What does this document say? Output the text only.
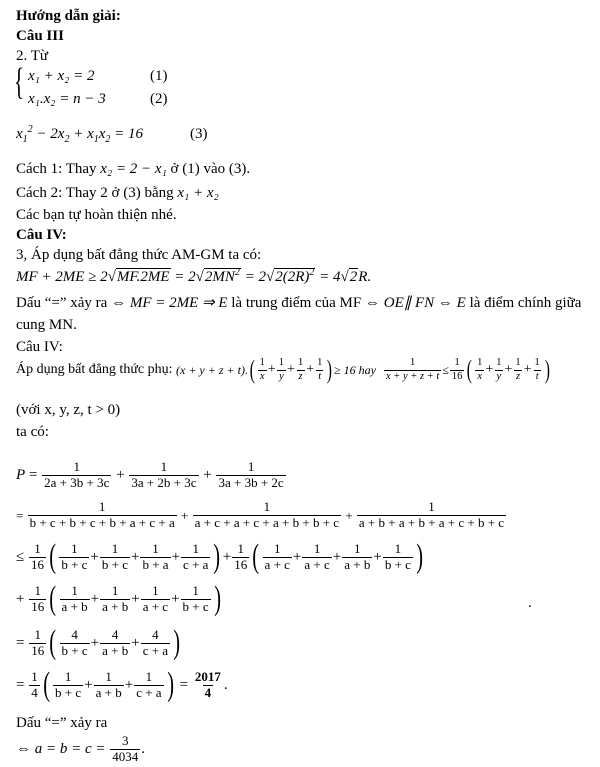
Hướng dẫn giải:
Câu III
2. Từ
{ x₁ + x₂ = 2	(1)
x₁.x₂ = n − 3	(2)
$x_1^2 - 2x_2 + x_1x_2 = 16$	(3)
Cách 1: Thay x₂ = 2 − x₁ ở (1) vào (3).
Cách 2: Thay 2 ở (3) bằng x₁ + x₂
Các bạn tự hoàn thiện nhé.
Câu IV:
3, Áp dụng bất đẳng thức AM-GM ta có:
MF + $2ME \ge 2√MF.2ME = 2√2MN^2 = 2√2(2R)^2 = 4√2R$.
Dấu “=” xảy ra ⇔ MF = 2ME ⇒ E là trung điểm của MF ⇔ OE∥ FN ⇔ E là điểm chính giữa
cung MN.
Câu IV:
Áp dụng bất đẳng thức phụ:
(x + y + z + t). ( $\frac{1}{x} + \frac{1}{y} + \frac{1}{z} + \frac{1}{t}$ ) ≥ 16 hay
$\frac{1}{x + y + z + t} \le \frac{1}{16}$ ( $\frac{1}{x} + \frac{1}{y} + \frac{1}{z} + \frac{1}{t}$ )
(với x, y, z, t > 0)
ta có:
$P = \frac{1}{2a + 3b + 3c} + \frac{1}{3a + 2b + 3c} + \frac{1}{3a + 3b + 2c}$
= $\frac{1}{b + c + b + c + b + a + c + a} + \frac{1}{a + c + a + c + a + b + b + c} + \frac{1}{a + b + a + b + a + c + b + c}$
≤ $\frac{1}{16}$ ( $\frac{1}{b + c} + \frac{1}{b + c} + \frac{1}{b + a} + \frac{1}{c + a}$ ) + $\frac{1}{16}$ ( $\frac{1}{a + c} + \frac{1}{a + c} + \frac{1}{a + b} + \frac{1}{b + c}$ )
+ $\frac{1}{16}$ ( $\frac{1}{a + b} + \frac{1}{a + b} + \frac{1}{a + c} + \frac{1}{b + c}$ )	.
= $\frac{1}{16}$ ( $\frac{4}{b + c} + \frac{4}{a + b} + \frac{4}{c + a}$ )
= $\frac{1}{4}$ ( $\frac{1}{b + c} + \frac{1}{a + b} + \frac{1}{c + a}$ ) = $\frac{2017}{4}$ .
Dấu “=” xảy ra
⇔ $a = b = c = \frac{3}{4034}$ .
